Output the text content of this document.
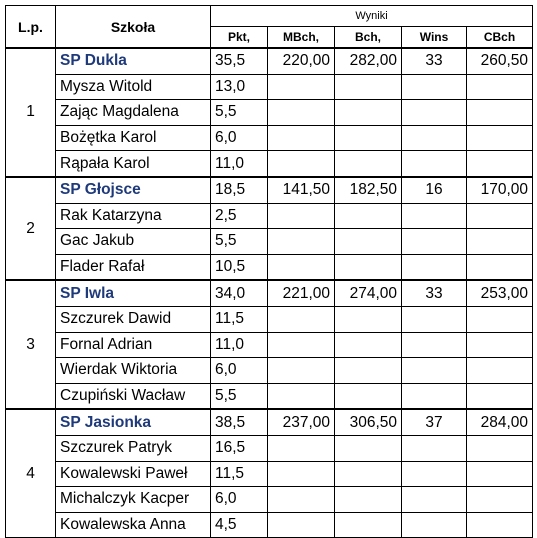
L.p.	Szkoła	Wyniki				
		Pkt,	MBch,	Bch,	Wins	CBch
1	SP Dukla	35,5	220,00	282,00	33	260,50
	Mysza Witold	13,0				
	Zając Magdalena	5,5				
	Bożętka Karol	6,0				
	Rąpała Karol	11,0				
2	SP Głojsce	18,5	141,50	182,50	16	170,00
	Rak Katarzyna	2,5				
	Gac Jakub	5,5				
	Flader Rafał	10,5				
3	SP Iwla	34,0	221,00	274,00	33	253,00
	Szczurek Dawid	11,5				
	Fornal Adrian	11,0				
	Wierdak Wiktoria	6,0				
	Czupiński Wacław	5,5				
4	SP Jasionka	38,5	237,00	306,50	37	284,00
	Szczurek Patryk	16,5				
	Kowalewski Paweł	11,5				
	Michalczyk Kacper	6,0				
	Kowalewska Anna	4,5				
